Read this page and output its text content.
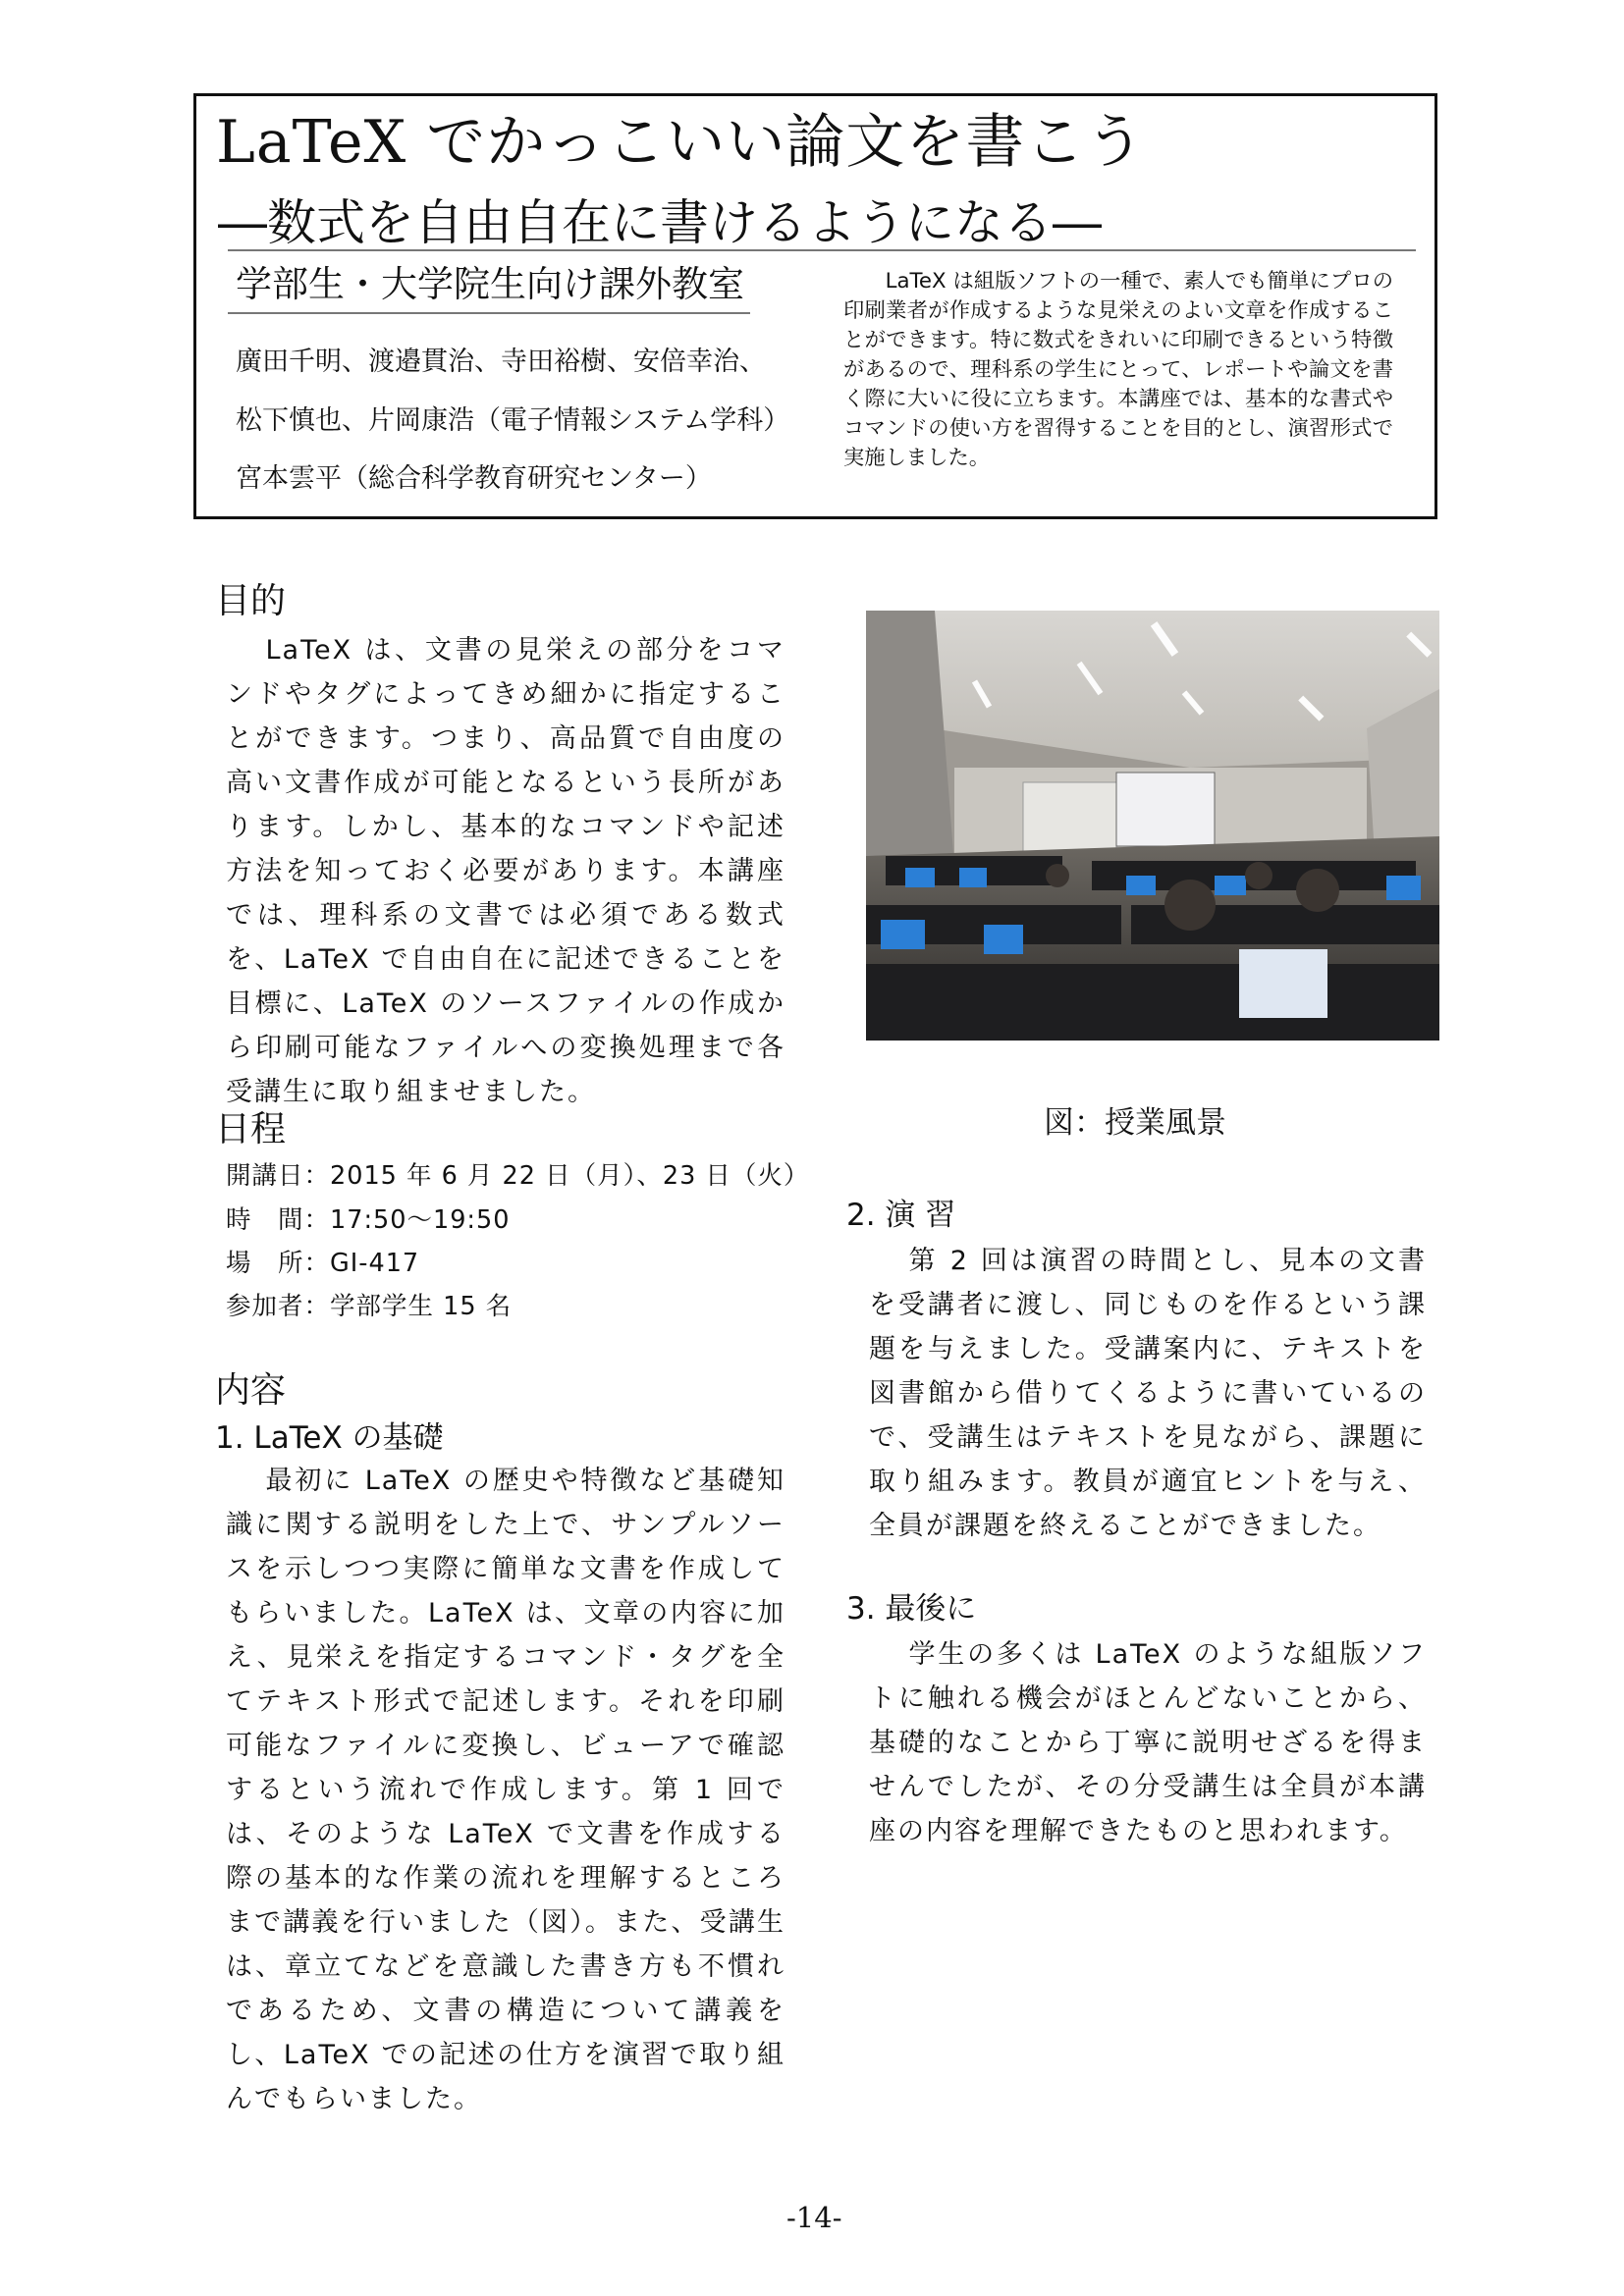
LaTeX でかっこいい論文を書こう
―数式を自由自在に書けるようになる―
学部生・大学院生向け課外教室
廣田千明、渡邉貫治、寺田裕樹、安倍幸治、
松下慎也、片岡康浩（電子情報システム学科）
宮本雲平（総合科学教育研究センター）
LaTeX は組版ソフトの一種で、素人でも簡単にプロの印刷業者が作成するような見栄えのよい文章を作成することができます。特に数式をきれいに印刷できるという特徴があるので、理科系の学生にとって、レポートや論文を書く際に大いに役に立ちます。本講座では、基本的な書式やコマンドの使い方を習得することを目的とし、演習形式で実施しました。
目的
LaTeX は、文書の見栄えの部分をコマンドやタグによってきめ細かに指定することができます。つまり、高品質で自由度の高い文書作成が可能となるという長所があります。しかし、基本的なコマンドや記述方法を知っておく必要があります。本講座では、理科系の文書では必須である数式を、LaTeX で自由自在に記述できることを目標に、LaTeX のソースファイルの作成から印刷可能なファイルへの変換処理まで各受講生に取り組ませました。
日程
開講日：2015 年 6 月 22 日（月）、23 日（火）
時　間：17:50〜19:50
場　所：GI-417
参加者：学部学生 15 名
内容
1. LaTeX の基礎
最初に LaTeX の歴史や特徴など基礎知識に関する説明をした上で、サンプルソースを示しつつ実際に簡単な文書を作成してもらいました。LaTeX は、文章の内容に加え、見栄えを指定するコマンド・タグを全てテキスト形式で記述します。それを印刷可能なファイルに変換し、ビューアで確認するという流れで作成します。第 1 回では、そのような LaTeX で文書を作成する際の基本的な作業の流れを理解するところまで講義を行いました（図）。また、受講生は、章立てなどを意識した書き方も不慣れであるため、文書の構造について講義をし、LaTeX での記述の仕方を演習で取り組んでもらいました。
図：授業風景
2. 演 習
第 2 回は演習の時間とし、見本の文書を受講者に渡し、同じものを作るという課題を与えました。受講案内に、テキストを図書館から借りてくるように書いているので、受講生はテキストを見ながら、課題に取り組みます。教員が適宜ヒントを与え、全員が課題を終えることができました。
3. 最後に
学生の多くは LaTeX のような組版ソフトに触れる機会がほとんどないことから、基礎的なことから丁寧に説明せざるを得ませんでしたが、その分受講生は全員が本講座の内容を理解できたものと思われます。
-14-
